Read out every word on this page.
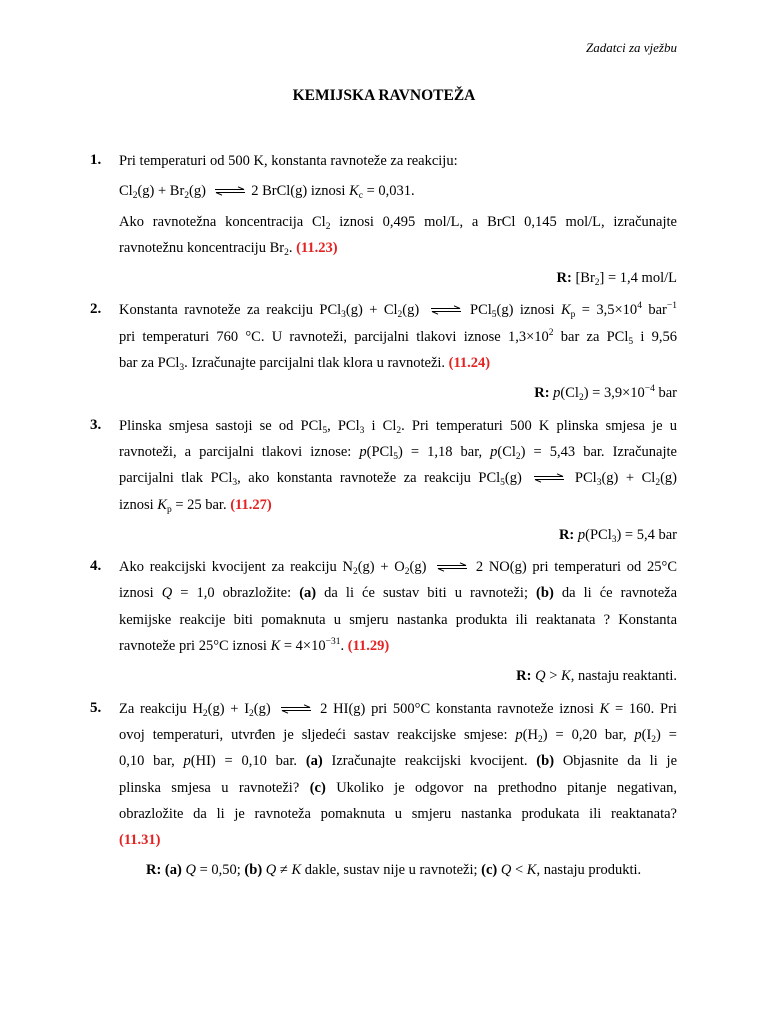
Zadatci za vježbu
KEMIJSKA RAVNOTEŽA
1. Pri temperaturi od 500 K, konstanta ravnoteže za reakciju:
$Cl_2(g) + Br_2(g)$ ⇌ 2 BrCl(g) iznosi $K_c = 0,031$.
Ako ravnotežna koncentracija $Cl_2$ iznosi 0,495 mol/L, a BrCl 0,145 mol/L, izračunajte
ravnotežnu koncentraciju $Br_2$. (11.23)
R: $[Br_2] = 1,4$ mol/L
2. Konstanta ravnoteže za reakciju $PCl_3(g) + Cl_2(g)$ ⇌ PCl$_5$(g) iznosi $K_p = 3,5\times 10^4$ bar$^{-1}$
pri temperaturi 760 °C. U ravnoteži, parcijalni tlakovi iznose $1,3\times 10^2$ bar za PCl$_5$ i 9,56
bar za PCl$_3$. Izračunajte parcijalni tlak klora u ravnoteži. (11.24)
R: $p(Cl_2) = 3,9\times 10^{-4}$ bar
3. Plinska smjesa sastoji se od PCl$_5$, PCl$_3$ i $Cl_2$. Pri temperaturi 500 K plinska smjesa je u
ravnoteži, a parcijalni tlakovi iznose: p(PCl$_5$) = 1,18 bar, $p(Cl_2) = 5,43$ bar. Izračunajte
parcijalni tlak PCl$_3$, ako konstanta ravnoteže za reakciju PCl$_5$(g) ⇌ $PCl_3(g) + Cl_2(g)$
iznosi $K_p = 25$ bar. (11.27)
R: p(PCl$_3$) = 5,4 bar
4. Ako reakcijski kvocijent za reakciju $N_2(g) + O_2(g)$ ⇌ 2 NO(g) pri temperaturi od 25°C
iznosi Q = 1,0 obrazložite: (a) da li će sustav biti u ravnoteži; (b) da li će ravnoteža
kemijske reakcije biti pomaknuta u smjeru nastanka produkta ili reaktanata ? Konstanta
ravnoteže pri 25°C iznosi $K = 4\times 10^{-31}$. (11.29)
R: Q > K, nastaju reaktanti.
5. Za reakciju $H_2(g) + I_2(g)$ ⇌ 2 HI(g) pri 500°C konstanta ravnoteže iznosi K = 160. Pri
ovoj temperaturi, utvrđen je sljedeći sastav reakcijske smjese: $p(H_2) = 0,20$ bar, $p(I_2)$ =
0,10 bar, p(HI) = 0,10 bar. (a) Izračunajte reakcijski kvocijent. (b) Objasnite da li je
plinska smjesa u ravnoteži? (c) Ukoliko je odgovor na prethodno pitanje negativan,
obrazložite da li je ravnoteža pomaknuta u smjeru nastanka produkata ili reaktanata?
(11.31)
R: (a) Q = 0,50; (b) Q ≠ K dakle, sustav nije u ravnoteži; (c) Q < K, nastaju produkti.
